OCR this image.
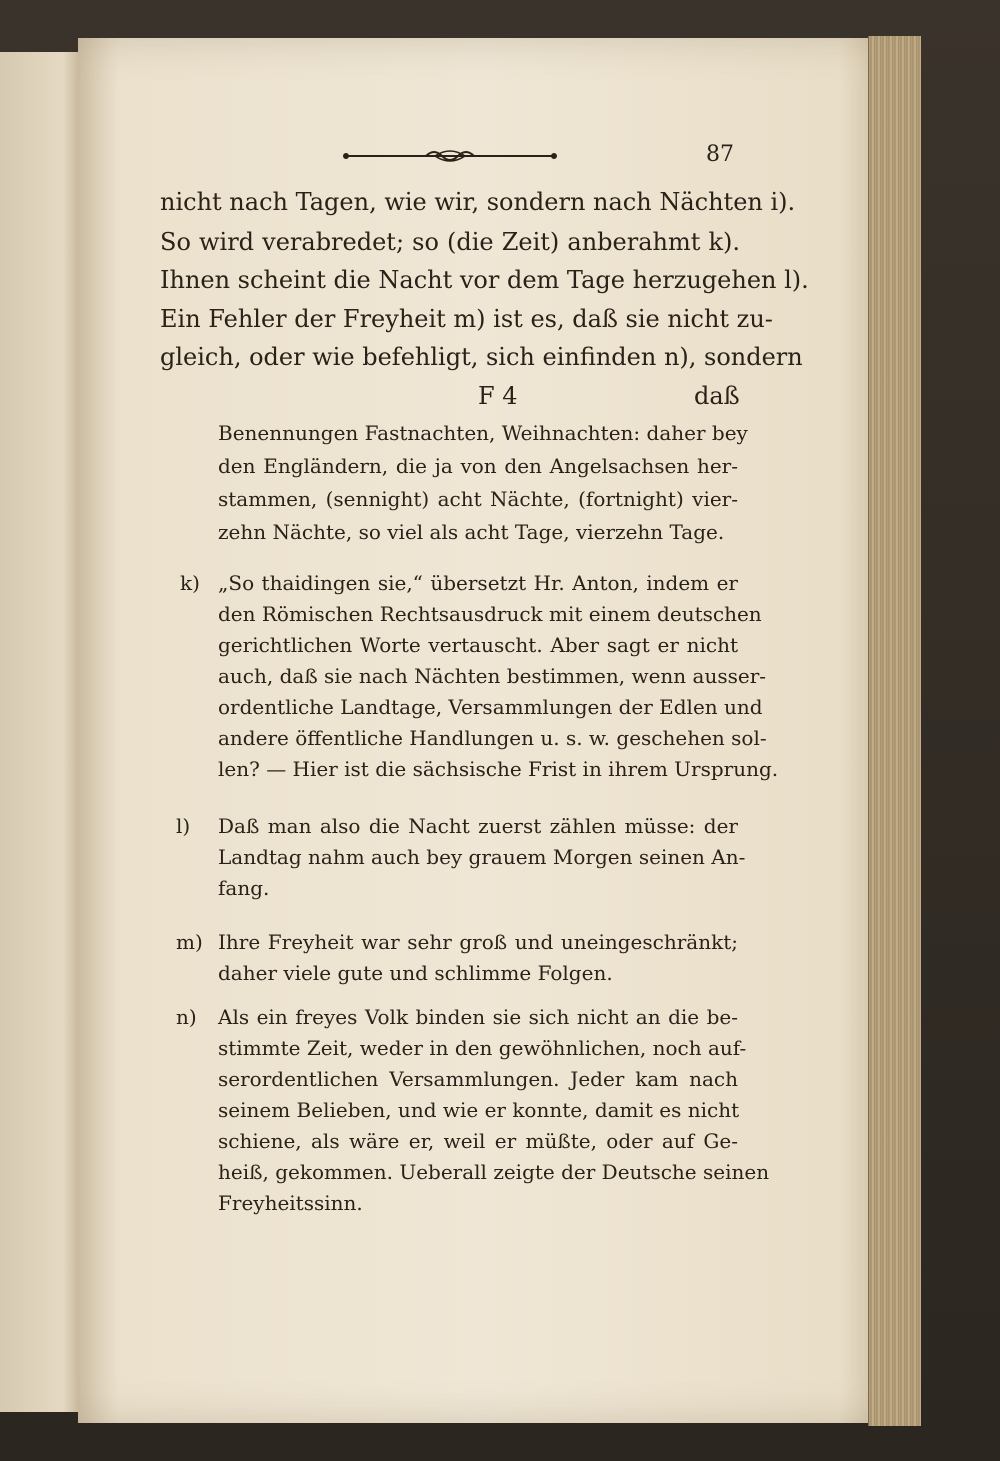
87
nicht nach Tagen, wie wir, sondern nach Nächten i).
So wird verabredet; so (die Zeit) anberahmt k).
Ihnen scheint die Nacht vor dem Tage herzugehen l).
Ein Fehler der Freyheit m) ist es, daß sie nicht zu-
gleich, oder wie befehligt, sich einfinden n), sondern
F 4	daß
Benennungen Fastnachten, Weihnachten: daher bey
den Engländern, die ja von den Angelsachsen her-
stammen, (sennight) acht Nächte, (fortnight) vier-
zehn Nächte, so viel als acht Tage, vierzehn Tage.
k) „So thaidingen sie,“ übersetzt Hr. Anton, indem er
den Römischen Rechtsausdruck mit einem deutschen
gerichtlichen Worte vertauscht. Aber sagt er nicht
auch, daß sie nach Nächten bestimmen, wenn ausser-
ordentliche Landtage, Versammlungen der Edlen und
andere öffentliche Handlungen u. s. w. geschehen sol-
len? — Hier ist die sächsische Frist in ihrem Ursprung.
l) Daß man also die Nacht zuerst zählen müsse: der
Landtag nahm auch bey grauem Morgen seinen An-
fang.
m) Ihre Freyheit war sehr groß und uneingeschränkt;
daher viele gute und schlimme Folgen.
n) Als ein freyes Volk binden sie sich nicht an die be-
stimmte Zeit, weder in den gewöhnlichen, noch auf-
serordentlichen Versammlungen. Jeder kam nach
seinem Belieben, und wie er konnte, damit es nicht
schiene, als wäre er, weil er müßte, oder auf Ge-
heiß, gekommen. Ueberall zeigte der Deutsche seinen
Freyheitssinn.
